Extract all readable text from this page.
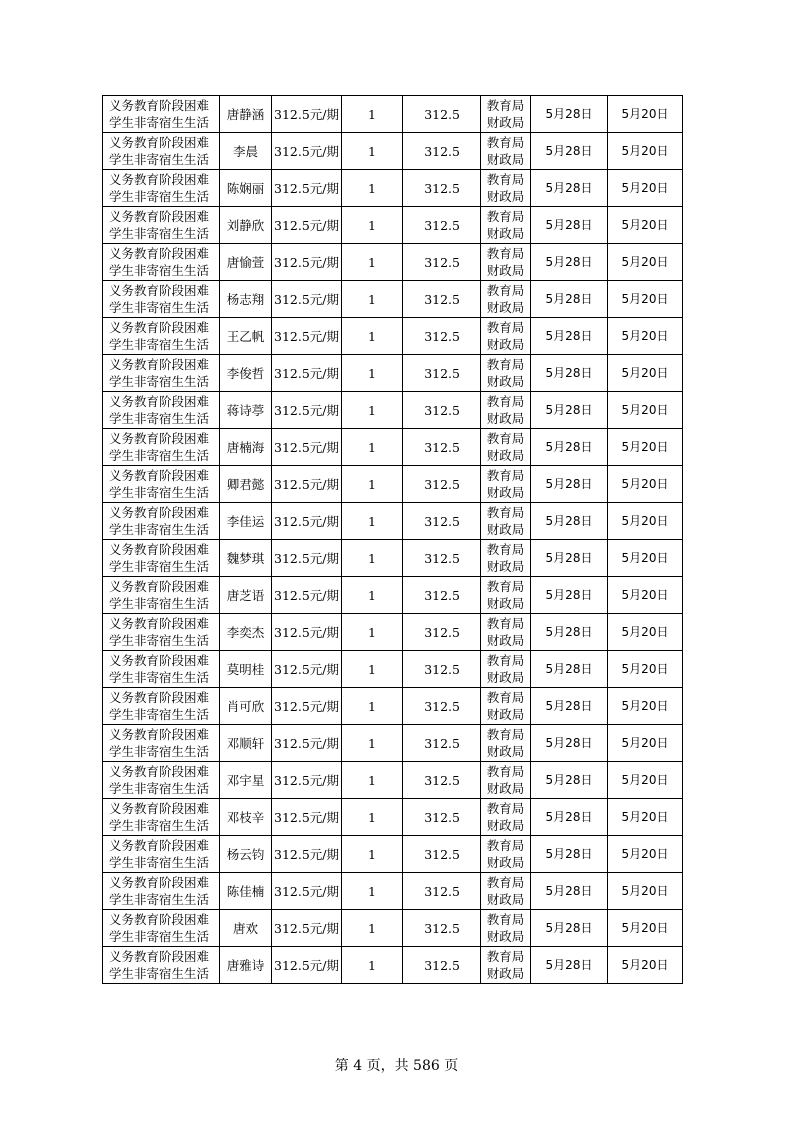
义务教育阶段困难学生非寄宿生生活	唐静涵	312.5元/期	1	312.5	教育局财政局	5月28日	5月20日
义务教育阶段困难学生非寄宿生生活	李晨	312.5元/期	1	312.5	教育局财政局	5月28日	5月20日
义务教育阶段困难学生非寄宿生生活	陈娴丽	312.5元/期	1	312.5	教育局财政局	5月28日	5月20日
义务教育阶段困难学生非寄宿生生活	刘静欣	312.5元/期	1	312.5	教育局财政局	5月28日	5月20日
义务教育阶段困难学生非寄宿生生活	唐愉萱	312.5元/期	1	312.5	教育局财政局	5月28日	5月20日
义务教育阶段困难学生非寄宿生生活	杨志翔	312.5元/期	1	312.5	教育局财政局	5月28日	5月20日
义务教育阶段困难学生非寄宿生生活	王乙帆	312.5元/期	1	312.5	教育局财政局	5月28日	5月20日
义务教育阶段困难学生非寄宿生生活	李俊哲	312.5元/期	1	312.5	教育局财政局	5月28日	5月20日
义务教育阶段困难学生非寄宿生生活	蒋诗葶	312.5元/期	1	312.5	教育局财政局	5月28日	5月20日
义务教育阶段困难学生非寄宿生生活	唐楠海	312.5元/期	1	312.5	教育局财政局	5月28日	5月20日
义务教育阶段困难学生非寄宿生生活	卿君懿	312.5元/期	1	312.5	教育局财政局	5月28日	5月20日
义务教育阶段困难学生非寄宿生生活	李佳运	312.5元/期	1	312.5	教育局财政局	5月28日	5月20日
义务教育阶段困难学生非寄宿生生活	魏梦琪	312.5元/期	1	312.5	教育局财政局	5月28日	5月20日
义务教育阶段困难学生非寄宿生生活	唐芝语	312.5元/期	1	312.5	教育局财政局	5月28日	5月20日
义务教育阶段困难学生非寄宿生生活	李奕杰	312.5元/期	1	312.5	教育局财政局	5月28日	5月20日
义务教育阶段困难学生非寄宿生生活	莫明桂	312.5元/期	1	312.5	教育局财政局	5月28日	5月20日
义务教育阶段困难学生非寄宿生生活	肖可欣	312.5元/期	1	312.5	教育局财政局	5月28日	5月20日
义务教育阶段困难学生非寄宿生生活	邓顺轩	312.5元/期	1	312.5	教育局财政局	5月28日	5月20日
义务教育阶段困难学生非寄宿生生活	邓宇星	312.5元/期	1	312.5	教育局财政局	5月28日	5月20日
义务教育阶段困难学生非寄宿生生活	邓枝辛	312.5元/期	1	312.5	教育局财政局	5月28日	5月20日
义务教育阶段困难学生非寄宿生生活	杨云钧	312.5元/期	1	312.5	教育局财政局	5月28日	5月20日
义务教育阶段困难学生非寄宿生生活	陈佳楠	312.5元/期	1	312.5	教育局财政局	5月28日	5月20日
义务教育阶段困难学生非寄宿生生活	唐欢	312.5元/期	1	312.5	教育局财政局	5月28日	5月20日
义务教育阶段困难学生非寄宿生生活	唐雅诗	312.5元/期	1	312.5	教育局财政局	5月28日	5月20日
第 4 页，共 586 页
